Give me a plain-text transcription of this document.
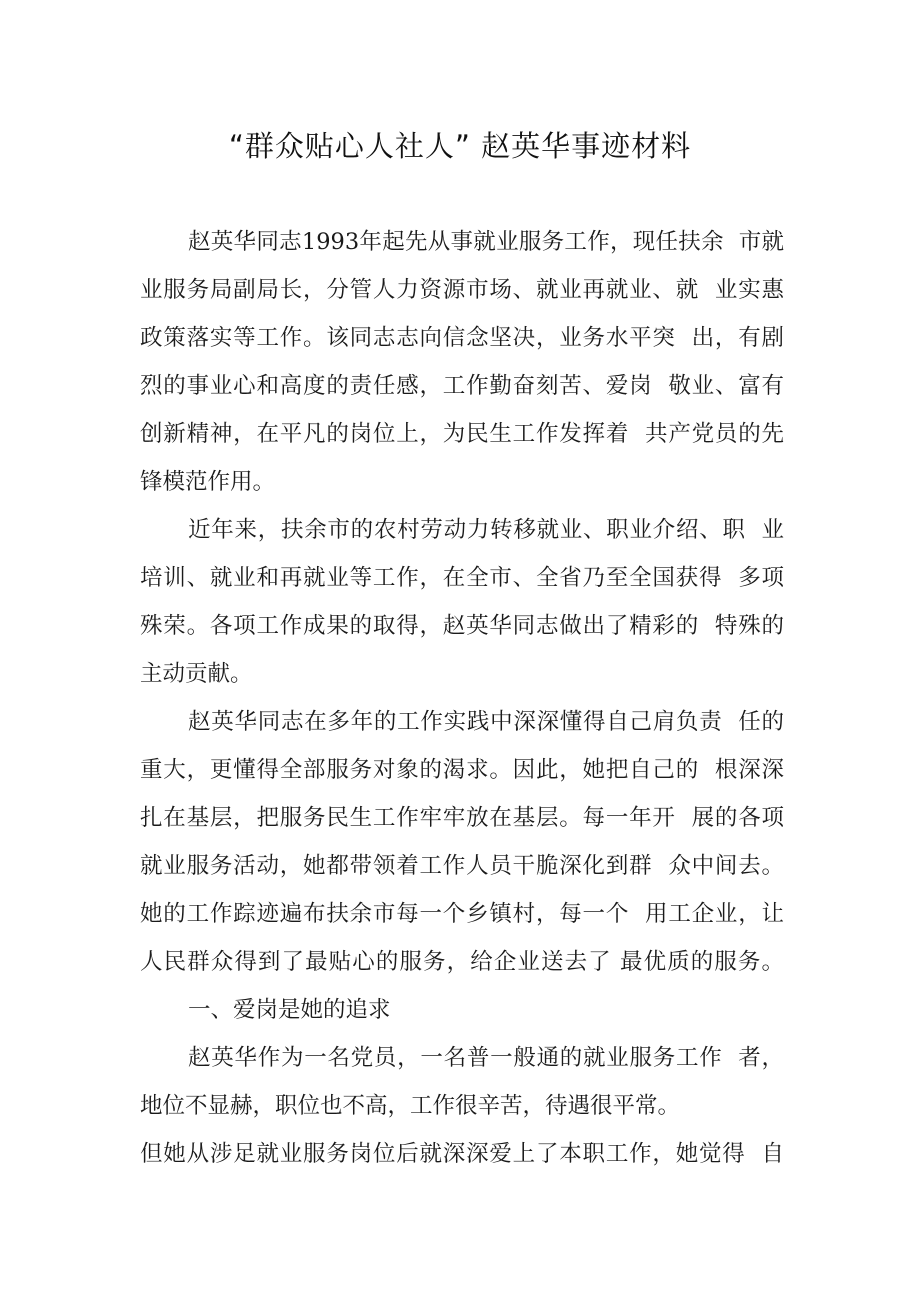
“群众贴心人社人” 赵英华事迹材料
赵英华同志1993年起先从事就业服务工作，现任扶余  市就
业服务局副局长，分管人力资源市场、就业再就业、就  业实惠
政策落实等工作。该同志志向信念坚决，业务水平突  出，有剧
烈的事业心和高度的责任感，工作勤奋刻苦、爱岗  敬业、富有
创新精神，在平凡的岗位上，为民生工作发挥着  共产党员的先
锋模范作用。
近年来，扶余市的农村劳动力转移就业、职业介绍、职  业
培训、就业和再就业等工作，在全市、全省乃至全国获得  多项
殊荣。各项工作成果的取得，赵英华同志做出了精彩的  特殊的
主动贡献。
赵英华同志在多年的工作实践中深深懂得自己肩负责  任的
重大，更懂得全部服务对象的渴求。因此，她把自己的  根深深
扎在基层，把服务民生工作牢牢放在基层。每一年开  展的各项
就业服务活动，她都带领着工作人员干脆深化到群  众中间去。
她的工作踪迹遍布扶余市每一个乡镇村，每一个  用工企业，让
人民群众得到了最贴心的服务，给企业送去了 最优质的服务。
一、爱岗是她的追求
赵英华作为一名党员，一名普一般通的就业服务工作  者，
地位不显赫，职位也不高，工作很辛苦，待遇很平常。
但她从涉足就业服务岗位后就深深爱上了本职工作，她觉得  自
